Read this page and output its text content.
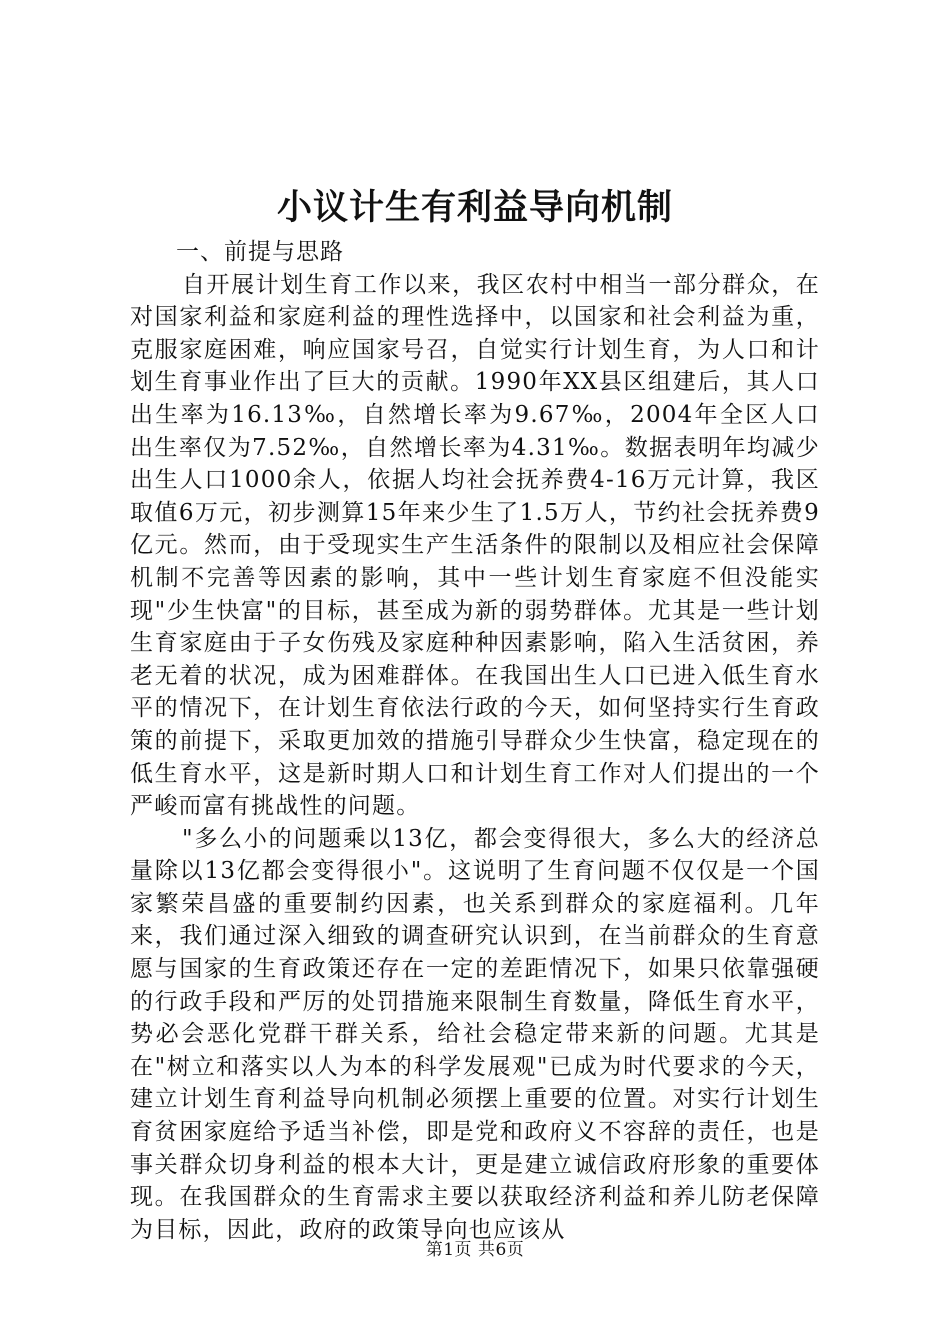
小议计生有利益导向机制

一、前提与思路

自开展计划生育工作以来，我区农村中相当一部分群众，在对国家利益和家庭利益的理性选择中，以国家和社会利益为重，克服家庭困难，响应国家号召，自觉实行计划生育，为人口和计划生育事业作出了巨大的贡献。1990年XX县区组建后，其人口出生率为16.13‰，自然增长率为9.67‰，2004年全区人口出生率仅为7.52‰，自然增长率为4.31‰。数据表明年均减少出生人口1000余人，依据人均社会抚养费4-16万元计算，我区取值6万元，初步测算15年来少生了1.5万人，节约社会抚养费9亿元。然而，由于受现实生产生活条件的限制以及相应社会保障机制不完善等因素的影响，其中一些计划生育家庭不但没能实现"少生快富"的目标，甚至成为新的弱势群体。尤其是一些计划生育家庭由于子女伤残及家庭种种因素影响，陷入生活贫困，养老无着的状况，成为困难群体。在我国出生人口已进入低生育水平的情况下，在计划生育依法行政的今天，如何坚持实行生育政策的前提下，采取更加效的措施引导群众少生快富，稳定现在的低生育水平，这是新时期人口和计划生育工作对人们提出的一个严峻而富有挑战性的问题。

"多么小的问题乘以13亿，都会变得很大，多么大的经济总量除以13亿都会变得很小"。这说明了生育问题不仅仅是一个国家繁荣昌盛的重要制约因素，也关系到群众的家庭福利。几年来，我们通过深入细致的调查研究认识到，在当前群众的生育意愿与国家的生育政策还存在一定的差距情况下，如果只依靠强硬的行政手段和严厉的处罚措施来限制生育数量，降低生育水平，势必会恶化党群干群关系，给社会稳定带来新的问题。尤其是在"树立和落实以人为本的科学发展观"已成为时代要求的今天，建立计划生育利益导向机制必须摆上重要的位置。对实行计划生育贫困家庭给予适当补偿，即是党和政府义不容辞的责任，也是事关群众切身利益的根本大计，更是建立诚信政府形象的重要体现。在我国群众的生育需求主要以获取经济利益和养儿防老保障为目标，因此，政府的政策导向也应该从

第1页 共6页
